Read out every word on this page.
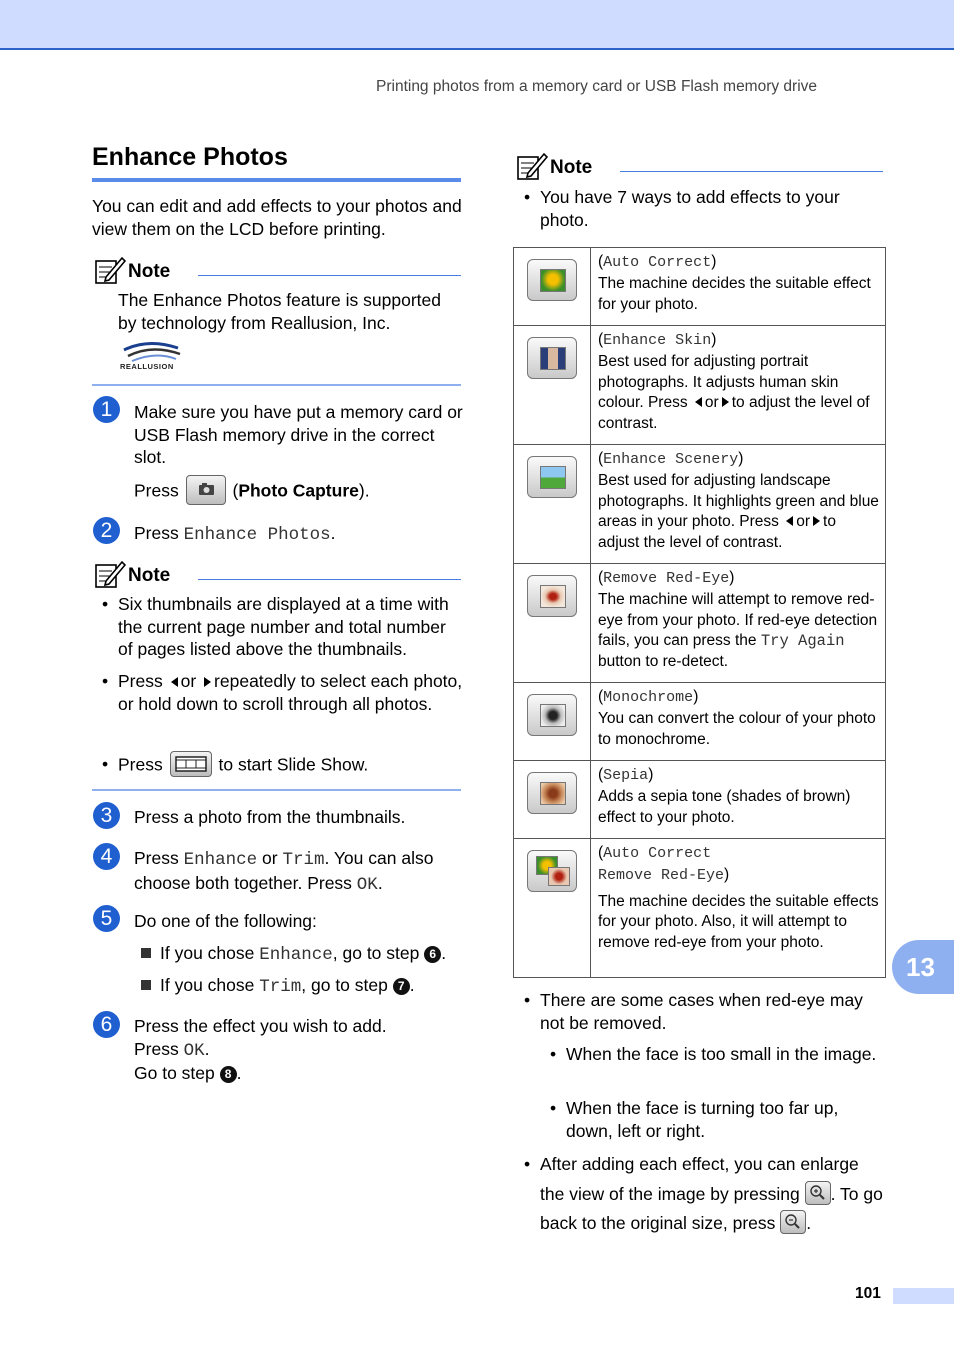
Printing photos from a memory card or USB Flash memory drive
Enhance Photos
You can edit and add effects to your photos and view them on the LCD before printing.
Note
The Enhance Photos feature is supported by technology from Reallusion, Inc.
REALLUSION
1	Make sure you have put a memory card or USB Flash memory drive in the correct slot.
Press	(Photo Capture).
2	Press Enhance Photos.
Note
• Six thumbnails are displayed at a time with the current page number and total number of pages listed above the thumbnails.
• Press or repeatedly to select each photo, or hold down to scroll through all photos.
• Press	to start Slide Show.
3	Press a photo from the thumbnails.
4	Press Enhance or Trim. You can also choose both together. Press OK.
5	Do one of the following:
If you chose Enhance, go to step 6 .
If you chose Trim, go to step 7 .
6	Press the effect you wish to add.
Press OK.
Go to step 8 .
Note
• You have 7 ways to add effects to your photo.

	(Auto Correct)
The machine decides the suitable effect for your photo.

	(Enhance Skin)
Best used for adjusting portrait photographs. It adjusts human skin colour. Press or to adjust the level of contrast.

	(Enhance Scenery)
Best used for adjusting landscape photographs. It highlights green and blue areas in your photo. Press or to adjust the level of contrast.

	(Remove Red-Eye)
The machine will attempt to remove red-eye from your photo. If red-eye detection fails, you can press the Try Again button to re-detect.

	(Monochrome)
You can convert the colour of your photo to monochrome.

	(Sepia)
Adds a sepia tone (shades of brown) effect to your photo.

	(Auto Correct
Remove Red-Eye)
The machine decides the suitable effects for your photo. Also, it will attempt to remove red-eye from your photo.
• There are some cases when red-eye may not be removed.
• When the face is too small in the image.
• When the face is turning too far up, down, left or right.
• After adding each effect, you can enlarge the view of the image by pressing . To go back to the original size, press .
13
101
